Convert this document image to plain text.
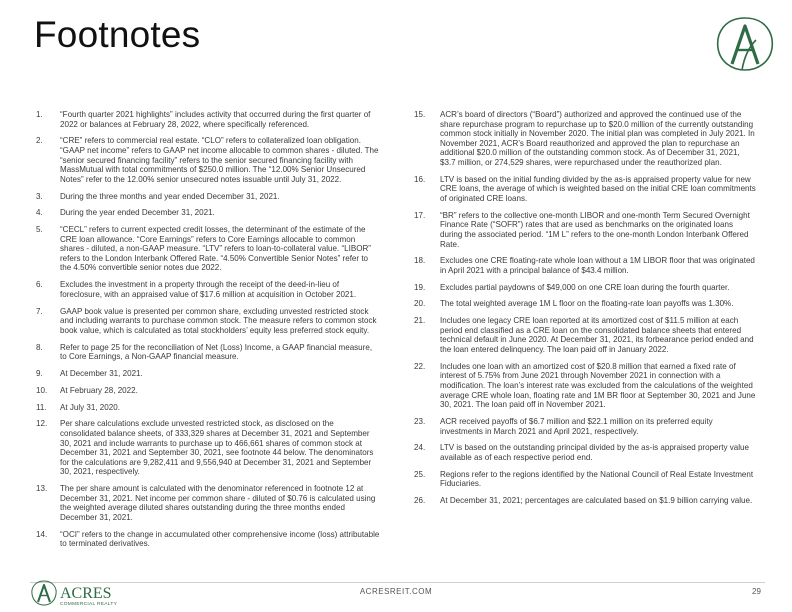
Footnotes
1.	“Fourth quarter 2021 highlights” includes activity that occurred during the first quarter of 2022 or balances at February 28, 2022, where specifically referenced.
2.	“CRE” refers to commercial real estate. “CLO” refers to collateralized loan obligation. “GAAP net income” refers to GAAP net income allocable to common shares - diluted. The “senior secured financing facility” refers to the senior secured financing facility with MassMutual with total commitments of $250.0 million. The “12.00% Senior Unsecured Notes” refer to the 12.00% senior unsecured notes issuable until July 31, 2022.
3.	During the three months and year ended December 31, 2021.
4.	During the year ended December 31, 2021.
5.	“CECL” refers to current expected credit losses, the determinant of the estimate of the CRE loan allowance. “Core Earnings” refers to Core Earnings allocable to common shares - diluted, a non-GAAP measure. “LTV” refers to loan-to-collateral value. “LIBOR” refers to the London Interbank Offered Rate. “4.50% Convertible Senior Notes” refer to the 4.50% convertible senior notes due 2022.
6.	Excludes the investment in a property through the receipt of the deed-in-lieu of foreclosure, with an appraised value of $17.6 million at acquisition in October 2021.
7.	GAAP book value is presented per common share, excluding unvested restricted stock and including warrants to purchase common stock. The measure refers to common stock book value, which is calculated as total stockholders’ equity less preferred stock equity.
8.	Refer to page 25 for the reconciliation of Net (Loss) Income, a GAAP financial measure, to Core Earnings, a Non-GAAP financial measure.
9.	At December 31, 2021.
10.	At February 28, 2022.
11.	At July 31, 2020.
12.	Per share calculations exclude unvested restricted stock, as disclosed on the consolidated balance sheets, of 333,329 shares at December 31, 2021 and September 30, 2021 and include warrants to purchase up to 466,661 shares of common stock at December 31, 2021 and September 30, 2021, see footnote 44 below. The denominators for the calculations are 9,282,411 and 9,556,940 at December 31, 2021 and September 30, 2021, respectively.
13.	The per share amount is calculated with the denominator referenced in footnote 12 at December 31, 2021. Net income per common share - diluted of $0.76 is calculated using the weighted average diluted shares outstanding during the three months ended December 31, 2021.
14.	“OCI” refers to the change in accumulated other comprehensive income (loss) attributable to terminated derivatives.
15.	ACR’s board of directors (“Board”) authorized and approved the continued use of the share repurchase program to repurchase up to $20.0 million of the currently outstanding common stock initially in November 2020. The initial plan was completed in July 2021. In November 2021, ACR’s Board reauthorized and approved the plan to repurchase an additional $20.0 million of the outstanding common stock. As of December 31, 2021, $3.7 million, or 274,529 shares, were repurchased under the reauthorized plan.
16.	LTV is based on the initial funding divided by the as-is appraised property value for new CRE loans, the average of which is weighted based on the initial CRE loan commitments of originated CRE loans.
17.	“BR” refers to the collective one-month LIBOR and one-month Term Secured Overnight Finance Rate (“SOFR”) rates that are used as benchmarks on the originated loans during the associated period. “1M L” refers to the one-month London Interbank Offered Rate.
18.	Excludes one CRE floating-rate whole loan without a 1M LIBOR floor that was originated in April 2021 with a principal balance of $43.4 million.
19.	Excludes partial paydowns of $49,000 on one CRE loan during the fourth quarter.
20.	The total weighted average 1M L floor on the floating-rate loan payoffs was 1.30%.
21.	Includes one legacy CRE loan reported at its amortized cost of $11.5 million at each period end classified as a CRE loan on the consolidated balance sheets that entered technical default in June 2020. At December 31, 2021, its forbearance period ended and the loan entered delinquency. The loan paid off in January 2022.
22.	Includes one loan with an amortized cost of $20.8 million that earned a fixed rate of interest of 5.75% from June 2021 through November 2021 in connection with a modification. The loan’s interest rate was excluded from the calculations of the weighted average CRE whole loan, floating rate and 1M BR floor at September 30, 2021 and June 30, 2021. The loan paid off in November 2021.
23.	ACR received payoffs of $6.7 million and $22.1 million on its preferred equity investments in March 2021 and April 2021, respectively.
24.	LTV is based on the outstanding principal divided by the as-is appraised property value available as of each respective period end.
25.	Regions refer to the regions identified by the National Council of Real Estate Investment Fiduciaries.
26.	At December 31, 2021; percentages are calculated based on $1.9 billion carrying value.
ACRES
COMMERCIAL REALTY
ACRESREIT.COM	29
